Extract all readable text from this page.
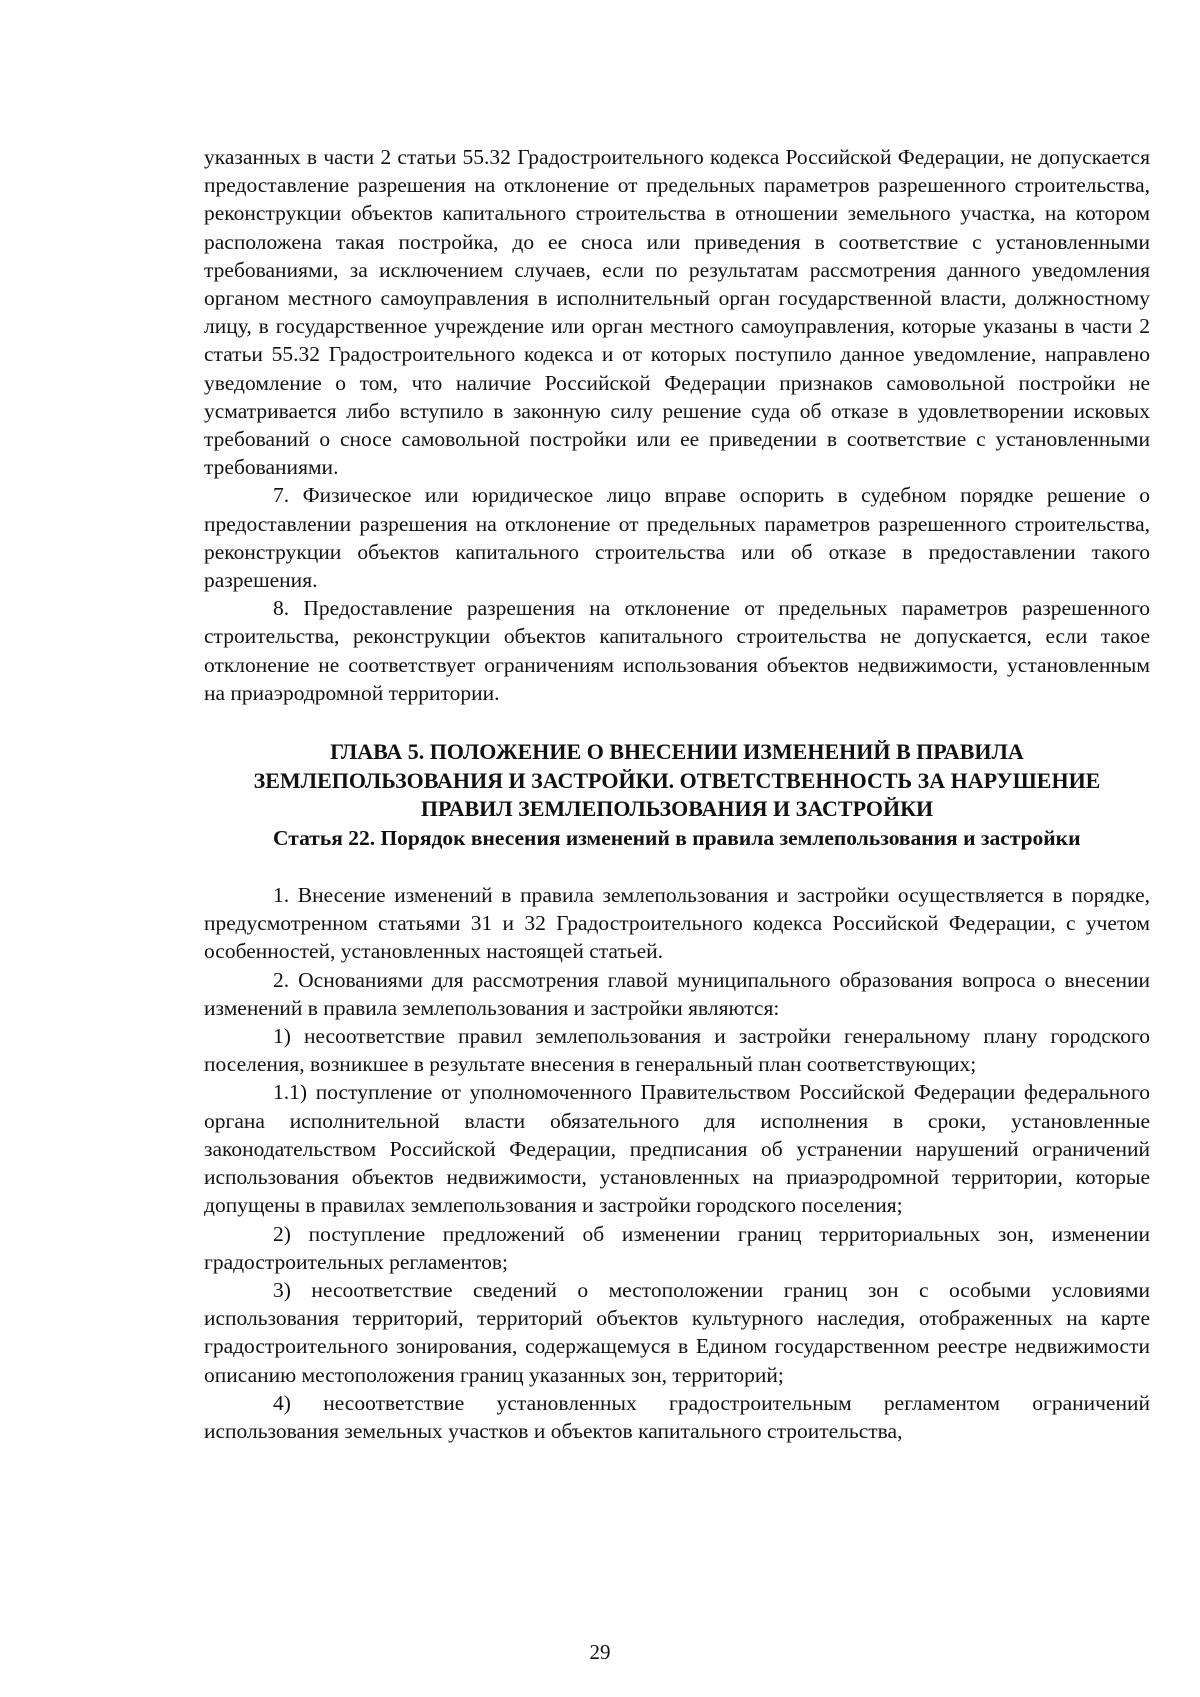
указанных в части 2 статьи 55.32 Градостроительного кодекса Российской Федерации, не допускается предоставление разрешения на отклонение от предельных параметров разрешенного строительства, реконструкции объектов капитального строительства в отношении земельного участка, на котором расположена такая постройка, до ее сноса или приведения в соответствие с установленными требованиями, за исключением случаев, если по результатам рассмотрения данного уведомления органом местного самоуправления в исполнительный орган государственной власти, должностному лицу, в государственное учреждение или орган местного самоуправления, которые указаны в части 2 статьи 55.32 Градостроительного кодекса и от которых поступило данное уведомление, направлено уведомление о том, что наличие Российской Федерации признаков самовольной постройки не усматривается либо вступило в законную силу решение суда об отказе в удовлетворении исковых требований о сносе самовольной постройки или ее приведении в соответствие с установленными требованиями.

7. Физическое или юридическое лицо вправе оспорить в судебном порядке решение о предоставлении разрешения на отклонение от предельных параметров разрешенного строительства, реконструкции объектов капитального строительства или об отказе в предоставлении такого разрешения.

8. Предоставление разрешения на отклонение от предельных параметров разрешенного строительства, реконструкции объектов капитального строительства не допускается, если такое отклонение не соответствует ограничениям использования объектов недвижимости, установленным на приаэродромной территории.

ГЛАВА 5. ПОЛОЖЕНИЕ О ВНЕСЕНИИ ИЗМЕНЕНИЙ В ПРАВИЛА
ЗЕМЛЕПОЛЬЗОВАНИЯ И ЗАСТРОЙКИ. ОТВЕТСТВЕННОСТЬ ЗА НАРУШЕНИЕ
ПРАВИЛ ЗЕМЛЕПОЛЬЗОВАНИЯ И ЗАСТРОЙКИ

Статья 22. Порядок внесения изменений в правила землепользования и застройки

1. Внесение изменений в правила землепользования и застройки осуществляется в порядке, предусмотренном статьями 31 и 32 Градостроительного кодекса Российской Федерации, с учетом особенностей, установленных настоящей статьей.

2. Основаниями для рассмотрения главой муниципального образования вопроса о внесении изменений в правила землепользования и застройки являются:

1) несоответствие правил землепользования и застройки генеральному плану городского поселения, возникшее в результате внесения в генеральный план соответствующих;

1.1) поступление от уполномоченного Правительством Российской Федерации федерального органа исполнительной власти обязательного для исполнения в сроки, установленные законодательством Российской Федерации, предписания об устранении нарушений ограничений использования объектов недвижимости, установленных на приаэродромной территории, которые допущены в правилах землепользования и застройки городского поселения;

2) поступление предложений об изменении границ территориальных зон, изменении градостроительных регламентов;

3) несоответствие сведений о местоположении границ зон с особыми условиями использования территорий, территорий объектов культурного наследия, отображенных на карте градостроительного зонирования, содержащемуся в Едином государственном реестре недвижимости описанию местоположения границ указанных зон, территорий;

4) несоответствие установленных градостроительным регламентом ограничений использования земельных участков и объектов капитального строительства,

29
